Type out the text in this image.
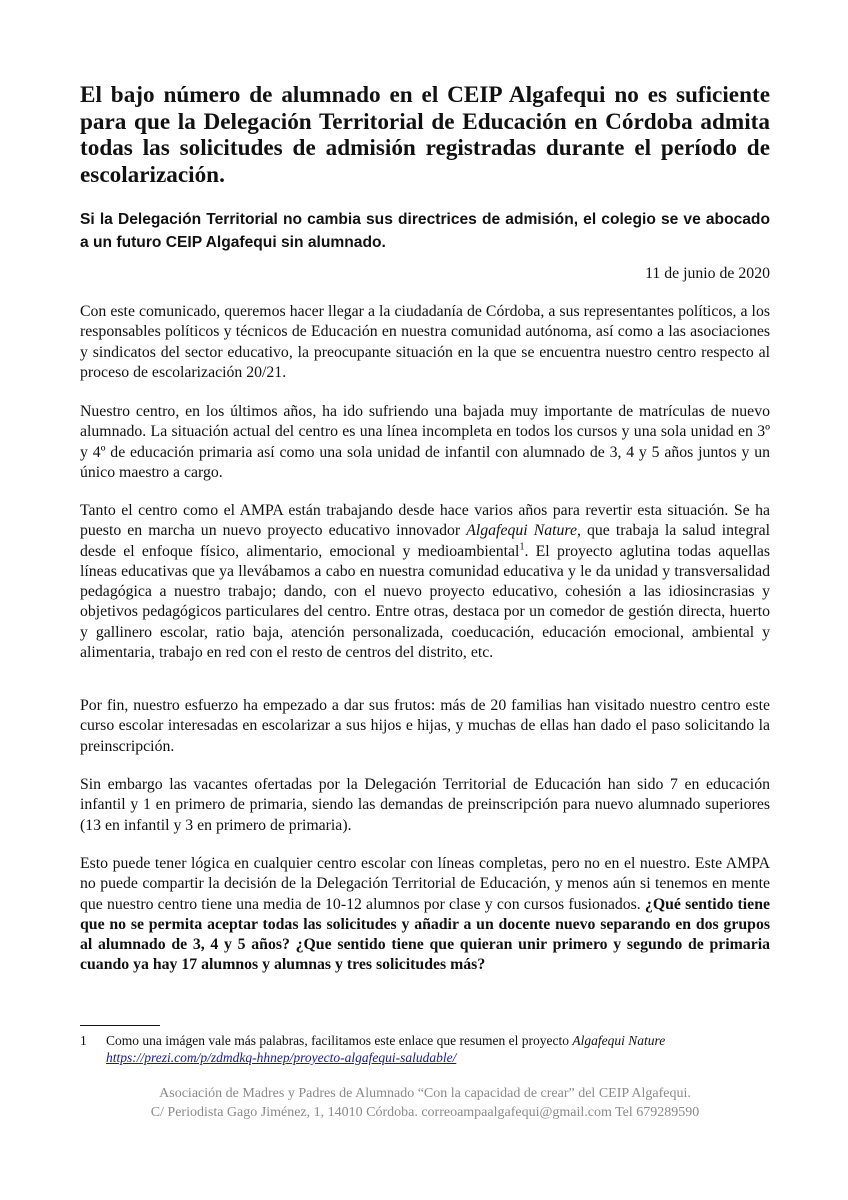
El bajo número de alumnado en el CEIP Algafequi no es suficiente para que la Delegación Territorial de Educación en Córdoba admita todas las solicitudes de admisión registradas durante el período de escolarización.

Si la Delegación Territorial no cambia sus directrices de admisión, el colegio se ve abocado a un futuro CEIP Algafequi sin alumnado.

11 de junio de 2020

Con este comunicado, queremos hacer llegar a la ciudadanía de Córdoba, a sus representantes políticos, a los responsables políticos y técnicos de Educación en nuestra comunidad autónoma, así como a las asociaciones y sindicatos del sector educativo, la preocupante situación en la que se encuentra nuestro centro respecto al proceso de escolarización 20/21.

Nuestro centro, en los últimos años, ha ido sufriendo una bajada muy importante de matrículas de nuevo alumnado. La situación actual del centro es una línea incompleta en todos los cursos y una sola unidad en 3º y 4º de educación primaria así como una sola unidad de infantil con alumnado de 3, 4 y 5 años juntos y un único maestro a cargo.

Tanto el centro como el AMPA están trabajando desde hace varios años para revertir esta situación. Se ha puesto en marcha un nuevo proyecto educativo innovador Algafequi Nature, que trabaja la salud integral desde el enfoque físico, alimentario, emocional y medioambiental$^1$. El proyecto aglutina todas aquellas líneas educativas que ya llevábamos a cabo en nuestra comunidad educativa y le da unidad y transversalidad pedagógica a nuestro trabajo; dando, con el nuevo proyecto educativo, cohesión a las idiosincrasias y objetivos pedagógicos particulares del centro. Entre otras, destaca por un comedor de gestión directa, huerto y gallinero escolar, ratio baja, atención personalizada, coeducación, educación emocional, ambiental y alimentaria, trabajo en red con el resto de centros del distrito, etc.

Por fin, nuestro esfuerzo ha empezado a dar sus frutos: más de 20 familias han visitado nuestro centro este curso escolar interesadas en escolarizar a sus hijos e hijas, y muchas de ellas han dado el paso solicitando la preinscripción.

Sin embargo las vacantes ofertadas por la Delegación Territorial de Educación han sido 7 en educación infantil y 1 en primero de primaria, siendo las demandas de preinscripción para nuevo alumnado superiores (13 en infantil y 3 en primero de primaria).

Esto puede tener lógica en cualquier centro escolar con líneas completas, pero no en el nuestro. Este AMPA no puede compartir la decisión de la Delegación Territorial de Educación, y menos aún si tenemos en mente que nuestro centro tiene una media de 10-12 alumnos por clase y con cursos fusionados. ¿Qué sentido tiene que no se permita aceptar todas las solicitudes y añadir a un docente nuevo separando en dos grupos al alumnado de 3, 4 y 5 años? ¿Que sentido tiene que quieran unir primero y segundo de primaria cuando ya hay 17 alumnos y alumnas y tres solicitudes más?

1 Como una imágen vale más palabras, facilitamos este enlace que resumen el proyecto Algafequi Nature
https://prezi.com/p/zdmdkq-hhnep/proyecto-algafequi-saludable/
Asociación de Madres y Padres de Alumnado “Con la capacidad de crear” del CEIP Algafequi.
C/ Periodista Gago Jiménez, 1, 14010 Córdoba. correoampaalgafequi@gmail.com Tel 679289590
